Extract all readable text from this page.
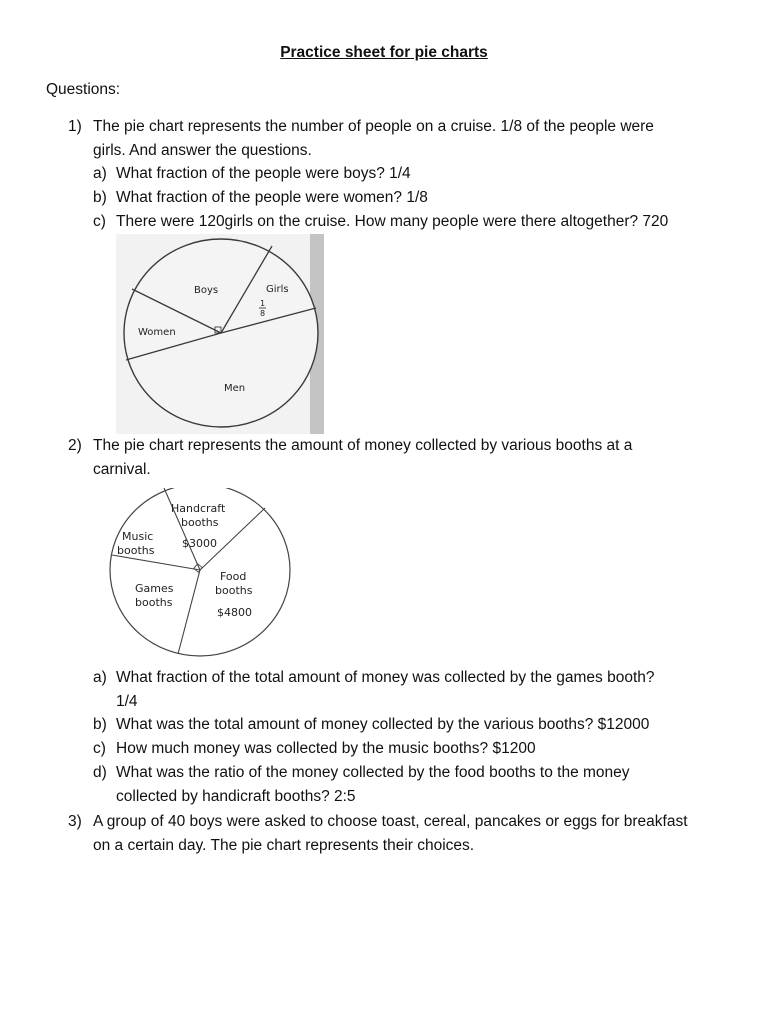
Practice sheet for pie charts
Questions:
1) The pie chart represents the number of people on a cruise. 1/8 of the people were
girls. And answer the questions.
a) What fraction of the people were boys? 1/4
b) What fraction of the people were women? 1/8
c) There were 120girls on the cruise. How many people were there altogether? 720
Boys	Girls
1
8
Women
Men
2) The pie chart represents the amount of money collected by various booths at a
carnival.
Handcraft
booths
$3000
Music
booths
Games
booths
Food
booths
$4800
a) What fraction of the total amount of money was collected by the games booth?
1/4
b) What was the total amount of money collected by the various booths? $12000
c) How much money was collected by the music booths? $1200
d) What was the ratio of the money collected by the food booths to the money
collected by handicraft booths? 2:5
3) A group of 40 boys were asked to choose toast, cereal, pancakes or eggs for breakfast
on a certain day. The pie chart represents their choices.
